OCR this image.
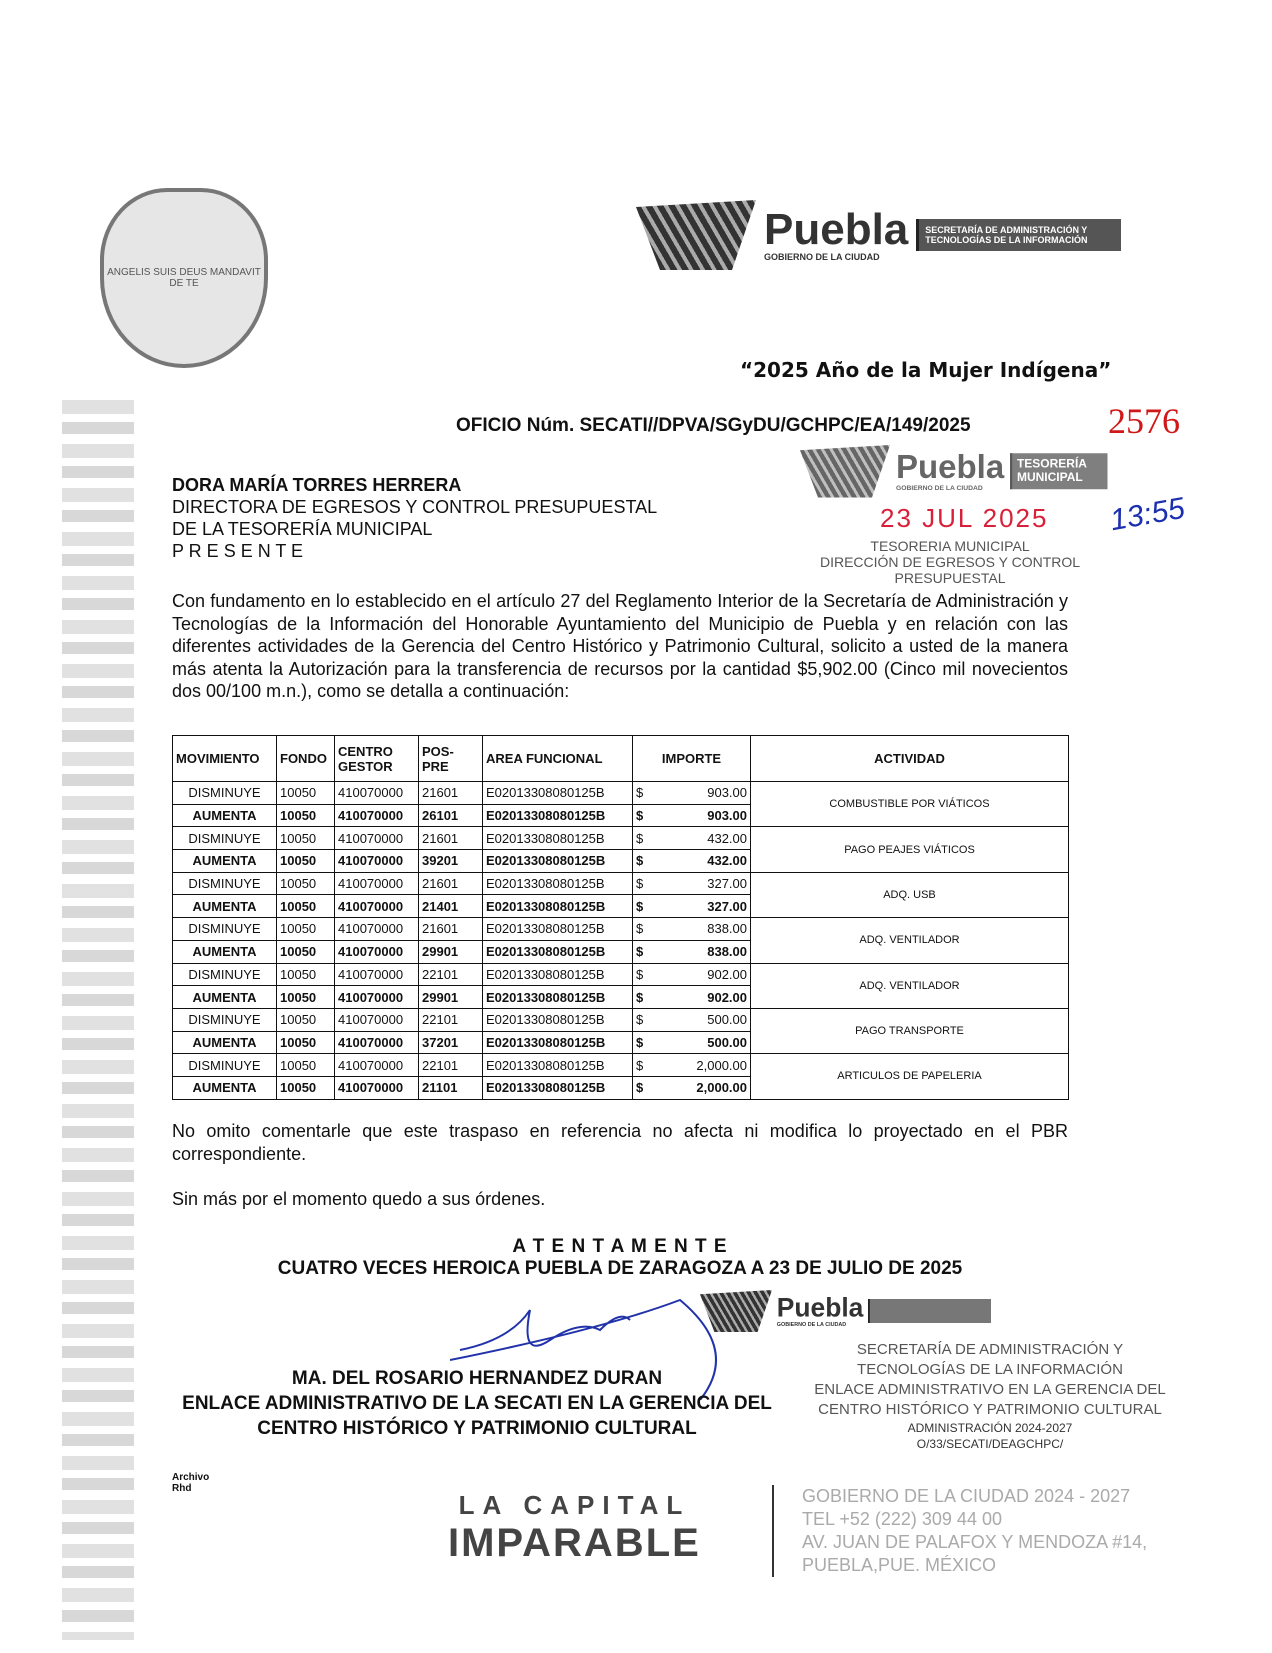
ANGELIS SUIS DEUS MANDAVIT DE TE
Puebla
GOBIERNO DE LA CIUDAD
SECRETARÍA DE ADMINISTRACIÓN Y TECNOLOGÍAS DE LA INFORMACIÓN
“2025 Año de la Mujer Indígena”
OFICIO Núm. SECATI//DPVA/SGyDU/GCHPC/EA/149/2025	2576
Puebla
GOBIERNO DE LA CIUDAD
TESORERÍA MUNICIPAL
23 JUL 2025 13:55
TESORERIA MUNICIPAL
DIRECCIÓN DE EGRESOS Y CONTROL
PRESUPUESTAL
DORA MARÍA TORRES HERRERA
DIRECTORA DE EGRESOS Y CONTROL PRESUPUESTAL
DE LA TESORERÍA MUNICIPAL
P R E S E N T E
Con fundamento en lo establecido en el artículo 27 del Reglamento Interior de la Secretaría de Administración y Tecnologías de la Información del Honorable Ayuntamiento del Municipio de Puebla y en relación con las diferentes actividades de la Gerencia del Centro Histórico y Patrimonio Cultural, solicito a usted de la manera más atenta la Autorización para la transferencia de recursos por la cantidad $5,902.00 (Cinco mil novecientos dos 00/100 m.n.), como se detalla a continuación:
MOVIMIENTO	FONDO	CENTRO GESTOR	POS-PRE	AREA FUNCIONAL	IMPORTE	ACTIVIDAD
DISMINUYE	10050	410070000	21601	E02013308080125B	$ 903.00	COMBUSTIBLE POR VIÁTICOS
AUMENTA	10050	410070000	26101	E02013308080125B	$ 903.00	

DISMINUYE	10050	410070000	21601	E02013308080125B	$ 432.00	PAGO PEAJES VIÁTICOS
AUMENTA	10050	410070000	39201	E02013308080125B	$ 432.00	

DISMINUYE	10050	410070000	21601	E02013308080125B	$ 327.00	ADQ. USB
AUMENTA	10050	410070000	21401	E02013308080125B	$ 327.00	

DISMINUYE	10050	410070000	21601	E02013308080125B	$ 838.00	ADQ. VENTILADOR
AUMENTA	10050	410070000	29901	E02013308080125B	$ 838.00	

DISMINUYE	10050	410070000	22101	E02013308080125B	$ 902.00	ADQ. VENTILADOR
AUMENTA	10050	410070000	29901	E02013308080125B	$ 902.00	

DISMINUYE	10050	410070000	22101	E02013308080125B	$ 500.00	PAGO TRANSPORTE
AUMENTA	10050	410070000	37201	E02013308080125B	$ 500.00	

DISMINUYE	10050	410070000	22101	E02013308080125B	$ 2,000.00	ARTICULOS DE PAPELERIA
AUMENTA	10050	410070000	21101	E02013308080125B	$ 2,000.00	
No omito comentarle que este traspaso en referencia no afecta ni modifica lo proyectado en el PBR correspondiente.
Sin más por el momento quedo a sus órdenes.
A T E N T A M E N T E
CUATRO VECES HEROICA PUEBLA DE ZARAGOZA A 23 DE JULIO DE 2025
Puebla
GOBIERNO DE LA CIUDAD
MA. DEL ROSARIO HERNANDEZ DURAN
ENLACE ADMINISTRATIVO DE LA SECATI EN LA GERENCIA DEL
CENTRO HISTÓRICO Y PATRIMONIO CULTURAL
SECRETARÍA DE ADMINISTRACIÓN Y
TECNOLOGÍAS DE LA INFORMACIÓN
ENLACE ADMINISTRATIVO EN LA GERENCIA DEL
CENTRO HISTÓRICO Y PATRIMONIO CULTURAL
ADMINISTRACIÓN 2024-2027
O/33/SECATI/DEAGCHPC/
Archivo
Rhd
LA CAPITAL
IMPARABLE
GOBIERNO DE LA CIUDAD 2024 - 2027
TEL +52 (222) 309 44 00
AV. JUAN DE PALAFOX Y MENDOZA #14,
PUEBLA,PUE. MÉXICO
